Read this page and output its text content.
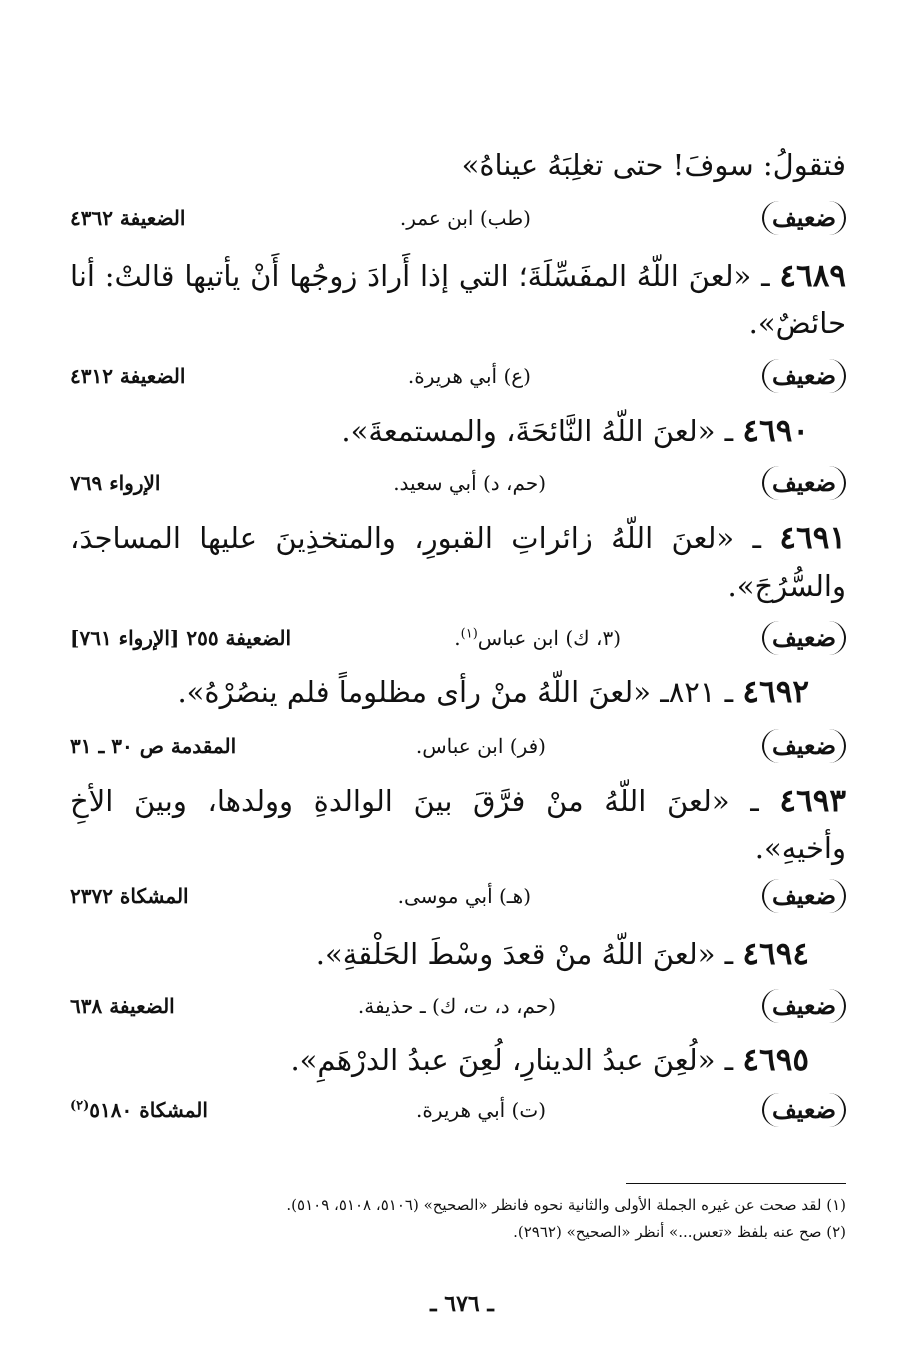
فتقولُ: سوفَ! حتى تغلِبَهُ عيناهُ»
ضعيف
(طب) ابن عمر.
الضعيفة ٤٣٦٢
٤٦٨٩ ـ «لعنَ اللّهُ المفَسِّلَةَ؛ التي إذا أَرادَ زوجُها أَنْ يأتيها قالتْ: أنا
حائضٌ».
ضعيف
(ع) أبي هريرة.
الضعيفة ٤٣١٢
٤٦٩٠ ـ «لعنَ اللّهُ النَّائحَةَ، والمستمعةَ».
ضعيف
(حم، د) أبي سعيد.
الإرواء ٧٦٩
٤٦٩١ ـ «لعنَ اللّهُ زائراتِ القبورِ، والمتخذِينَ عليها المساجدَ،
والسُّرُجَ».
ضعيف
(٣، ك) ابن عباس$^{(١)}$.
الضعيفة ٢٥٥ [الإرواء ٧٦١]
٤٦٩٢ ـ ٨٢١ـ «لعنَ اللّهُ منْ رأى مظلوماً فلم ينصُرْهُ».
ضعيف
(فر) ابن عباس.
المقدمة ص ٣٠ ـ ٣١
٤٦٩٣ ـ «لعنَ اللّهُ منْ فرَّقَ بينَ الوالدةِ وولدها، وبينَ الأخِ
وأخيهِ».
ضعيف
(هـ) أبي موسى.
المشكاة ٢٣٧٢
٤٦٩٤ ـ «لعنَ اللّهُ منْ قعدَ وسْطَ الحَلْقةِ».
ضعيف
(حم، د، ت، ك) ـ حذيفة.
الضعيفة ٦٣٨
٤٦٩٥ ـ «لُعِنَ عبدُ الدينارِ، لُعِنَ عبدُ الدرْهَمِ».
ضعيف
(ت) أبي هريرة.
المشكاة ٥١٨٠$^{(٢)}$
(١) لقد صحت عن غيره الجملة الأولى والثانية نحوه فانظر «الصحيح» (٥١٠٦، ٥١٠٨، ٥١٠٩).
(٢) صح عنه بلفظ «تعس...» أنظر «الصحيح» (٢٩٦٢).
ـ ٦٧٦ ـ
